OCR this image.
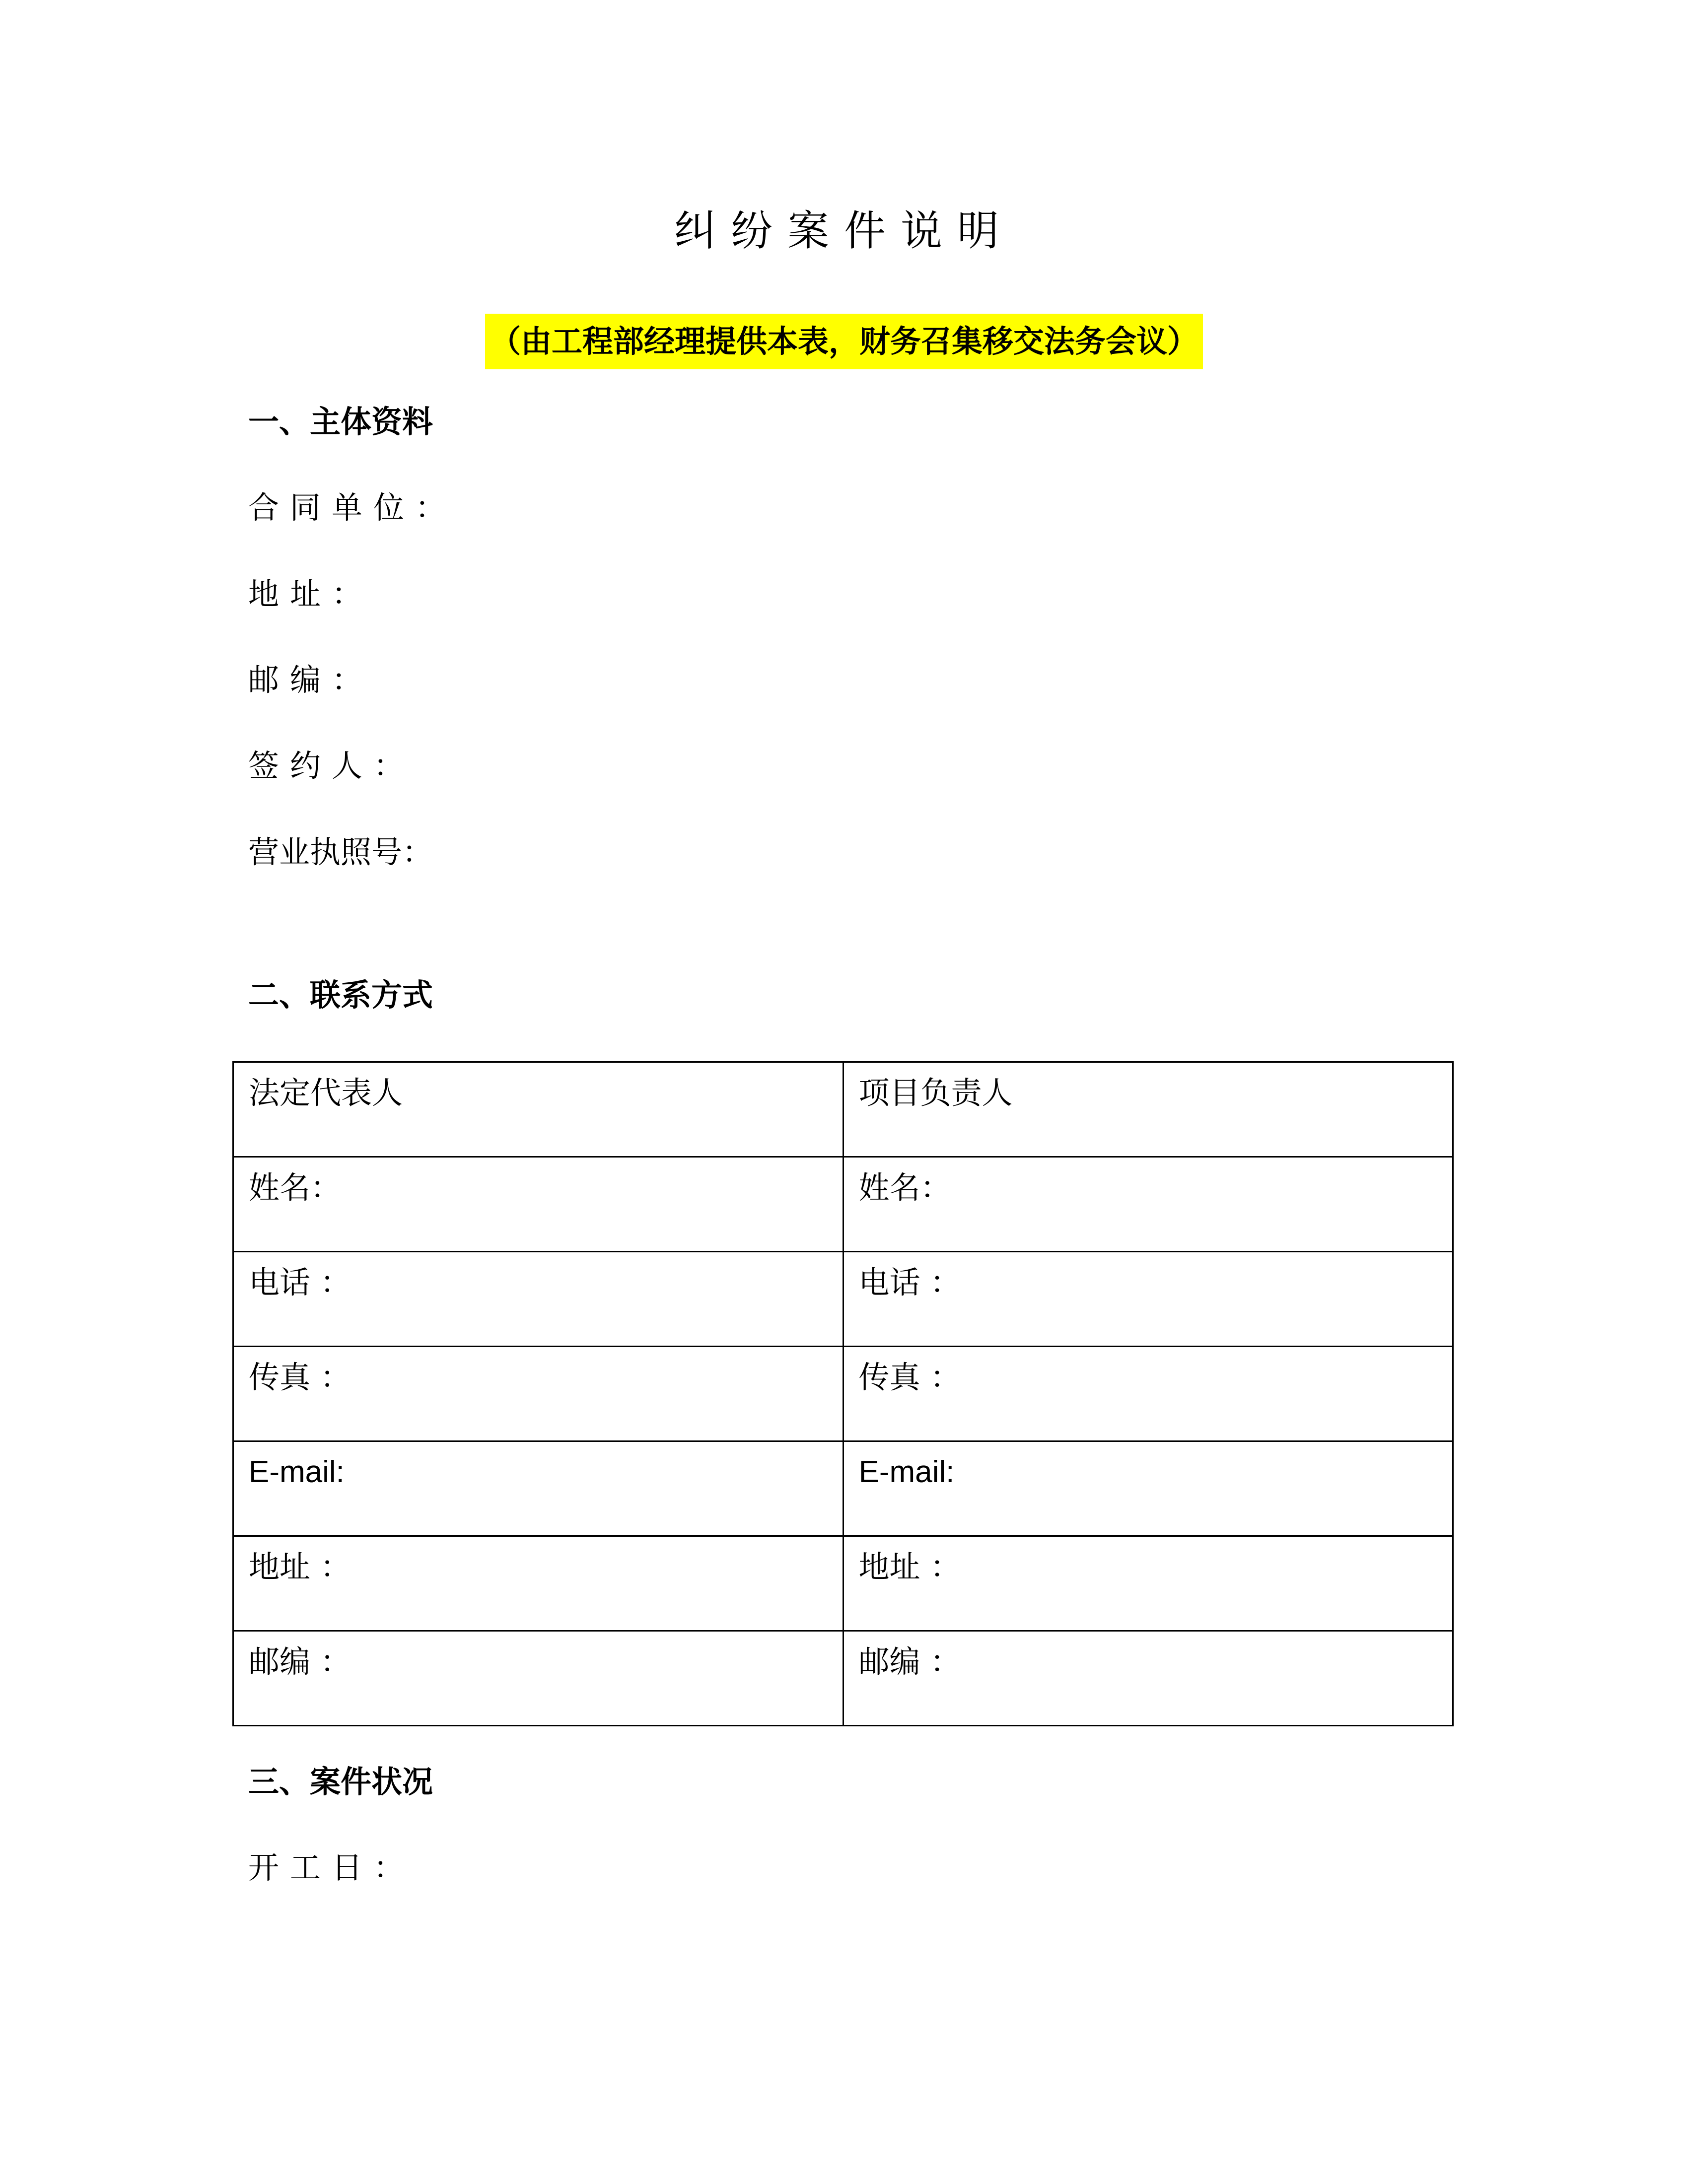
纠纷案件说明
（由工程部经理提供本表，财务召集移交法务会议）
一、主体资料
合同单位：
地址：
邮编：
签约人：
营业执照号：
二、联系方式
法定代表人	项目负责人
姓名：	姓名：
电话 ：	电话 ：
传真 ：	传真 ：
E-mail:	E-mail:
地址 ：	地址 ：
邮编 ：	邮编 ：
三、案件状况
开工日：
